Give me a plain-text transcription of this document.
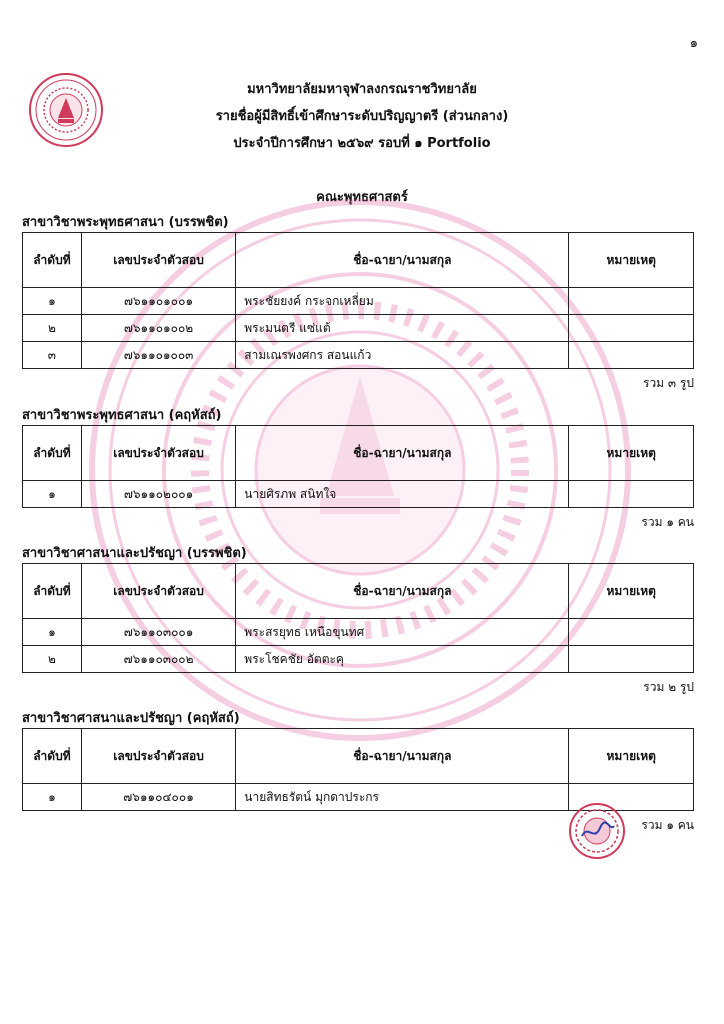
๑
มหาวิทยาลัยมหาจุฬาลงกรณราชวิทยาลัย
รายชื่อผู้มีสิทธิ์เข้าศึกษาระดับปริญญาตรี (ส่วนกลาง)
ประจำปีการศึกษา ๒๕๖๙ รอบที่ ๑ Portfolio
คณะพุทธศาสตร์
สาขาวิชาพระพุทธศาสนา (บรรพชิต)
ลำดับที่	เลขประจำตัวสอบ	ชื่อ-ฉายา/นามสกุล	หมายเหตุ
๑	๗๖๑๑๐๑๐๐๑	พระชัยยงค์ กระจกเหลี่ยม	
๒	๗๖๑๑๐๑๐๐๒	พระมนตรี แซ่แต้	
๓	๗๖๑๑๐๑๐๐๓	สามเณรพงศกร สอนแก้ว	
รวม ๓ รูป
สาขาวิชาพระพุทธศาสนา (คฤหัสถ์)
ลำดับที่	เลขประจำตัวสอบ	ชื่อ-ฉายา/นามสกุล	หมายเหตุ
๑	๗๖๑๑๐๒๐๐๑	นายศิรภพ สนิทใจ	
รวม ๑ คน
สาขาวิชาศาสนาและปรัชญา (บรรพชิต)
ลำดับที่	เลขประจำตัวสอบ	ชื่อ-ฉายา/นามสกุล	หมายเหตุ
๑	๗๖๑๑๐๓๐๐๑	พระสรยุทธ เหนือขุนทศ	
๒	๗๖๑๑๐๓๐๐๒	พระโชคชัย อัตตะคุ	
รวม ๒ รูป
สาขาวิชาศาสนาและปรัชญา (คฤหัสถ์)
ลำดับที่	เลขประจำตัวสอบ	ชื่อ-ฉายา/นามสกุล	หมายเหตุ
๑	๗๖๑๑๐๔๐๐๑	นายสิทธรัตน์ มุกดาประกร	
รวม ๑ คน
